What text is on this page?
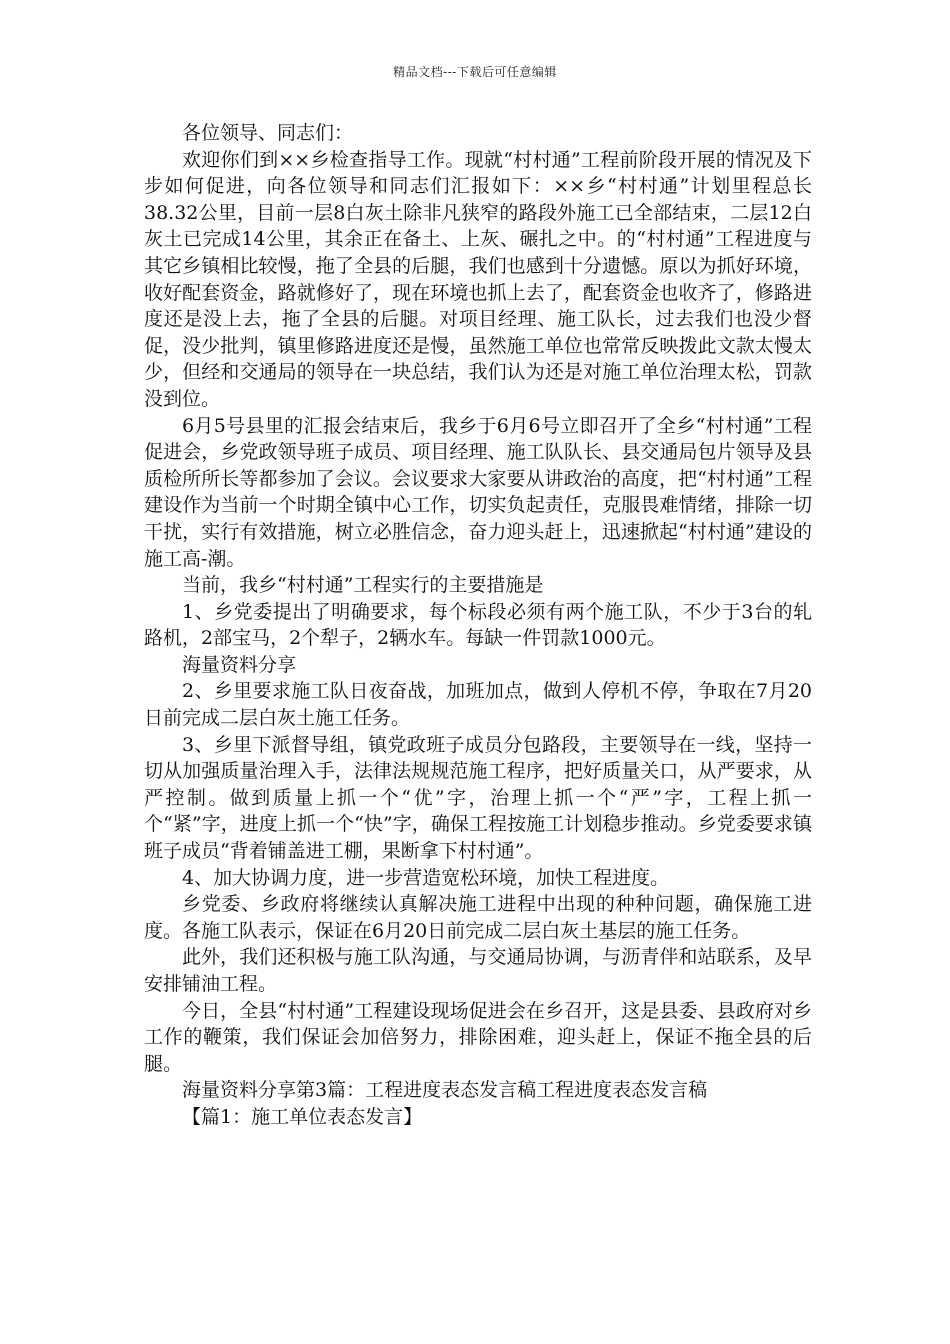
精品文档---下载后可任意编辑

各位领导、同志们：

欢迎你们到××乡检查指导工作。现就“村村通”工程前阶段开展的情况及下步如何促进，向各位领导和同志们汇报如下：××乡“村村通”计划里程总长38.32公里，目前一层8白灰土除非凡狭窄的路段外施工已全部结束，二层12白灰土已完成14公里，其余正在备土、上灰、碾扎之中。的“村村通”工程进度与其它乡镇相比较慢，拖了全县的后腿，我们也感到十分遗憾。原以为抓好环境，收好配套资金，路就修好了，现在环境也抓上去了，配套资金也收齐了，修路进度还是没上去，拖了全县的后腿。对项目经理、施工队长，过去我们也没少督促，没少批判，镇里修路进度还是慢，虽然施工单位也常常反映拨此文款太慢太少，但经和交通局的领导在一块总结，我们认为还是对施工单位治理太松，罚款没到位。

6月5号县里的汇报会结束后，我乡于6月6号立即召开了全乡“村村通”工程促进会，乡党政领导班子成员、项目经理、施工队队长、县交通局包片领导及县质检所所长等都参加了会议。会议要求大家要从讲政治的高度，把“村村通”工程建设作为当前一个时期全镇中心工作，切实负起责任，克服畏难情绪，排除一切干扰，实行有效措施，树立必胜信念，奋力迎头赶上，迅速掀起“村村通”建设的施工高-潮。

当前，我乡“村村通”工程实行的主要措施是

1、乡党委提出了明确要求，每个标段必须有两个施工队，不少于3台的轧路机，2部宝马，2个犁子，2辆水车。每缺一件罚款1000元。

海量资料分享

2、乡里要求施工队日夜奋战，加班加点，做到人停机不停，争取在7月20日前完成二层白灰土施工任务。

3、乡里下派督导组，镇党政班子成员分包路段，主要领导在一线，坚持一切从加强质量治理入手，法律法规规范施工程序，把好质量关口，从严要求，从严控制。做到质量上抓一个“优”字，治理上抓一个“严”字，工程上抓一个“紧”字，进度上抓一个“快”字，确保工程按施工计划稳步推动。乡党委要求镇班子成员“背着铺盖进工棚，果断拿下村村通”。

4、加大协调力度，进一步营造宽松环境，加快工程进度。

乡党委、乡政府将继续认真解决施工进程中出现的种种问题，确保施工进度。各施工队表示，保证在6月20日前完成二层白灰土基层的施工任务。

此外，我们还积极与施工队沟通，与交通局协调，与沥青伴和站联系，及早安排铺油工程。

今日，全县“村村通”工程建设现场促进会在乡召开，这是县委、县政府对乡工作的鞭策，我们保证会加倍努力，排除困难，迎头赶上，保证不拖全县的后腿。

海量资料分享第3篇：工程进度表态发言稿工程进度表态发言稿

【篇1：施工单位表态发言】
